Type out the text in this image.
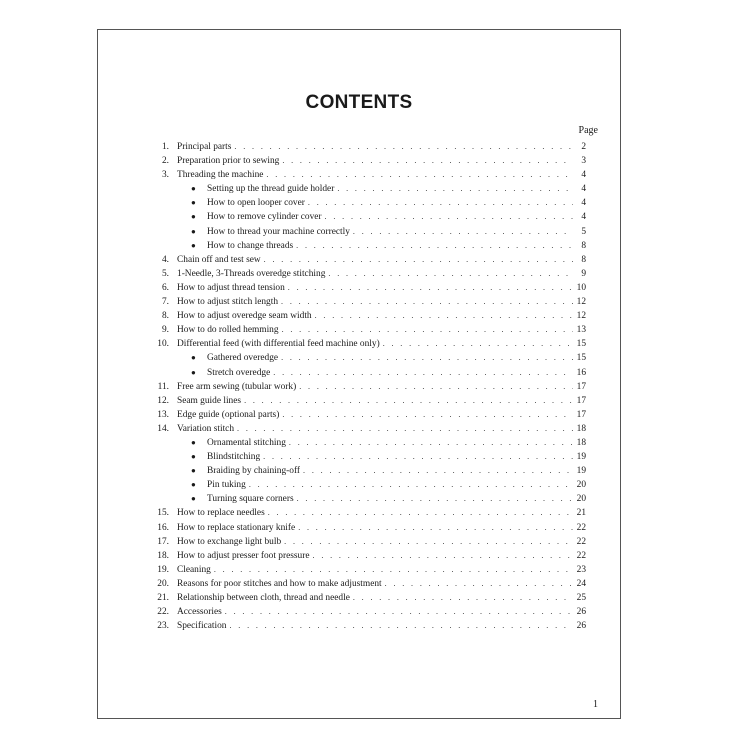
CONTENTS
Page
1. Principal parts . . .	2
2. Preparation prior to sewing . . .	3
3. Threading the machine . . .	4
●	Setting up the thread guide holder . . .	4
●	How to open looper cover . . .	4
●	How to remove cylinder cover . . .	4
●	How to thread your machine correctly . . .	5
●	How to change threads . . .	8
4. Chain off and test sew . . .	8
5. 1-Needle, 3-Threads overedge stitching . . .	9
6. How to adjust thread tension . . .	10
7. How to adjust stitch length . . .	12
8. How to adjust overedge seam width . . .	12
9. How to do rolled hemming . . .	13
10. Differential feed (with differential feed machine only) . . .	15
●	Gathered overedge . . .	15
●	Stretch overedge . . .	16
11. Free arm sewing (tubular work) . . .	17
12. Seam guide lines . . .	17
13. Edge guide (optional parts) . . .	17
14. Variation stitch . . .	18
●	Ornamental stitching . . .	18
●	Blindstitching . . .	19
●	Braiding by chaining-off . . .	19
●	Pin tuking . . .	20
●	Turning square corners . . .	20
15. How to replace needles . . .	21
16. How to replace stationary knife . . .	22
17. How to exchange light bulb . . .	22
18. How to adjust presser foot pressure . . .	22
19. Cleaning . . .	23
20. Reasons for poor stitches and how to make adjustment . . .	24
21. Relationship between cloth, thread and needle . . .	25
22. Accessories . . .	26
23. Specification . . .	26
1
